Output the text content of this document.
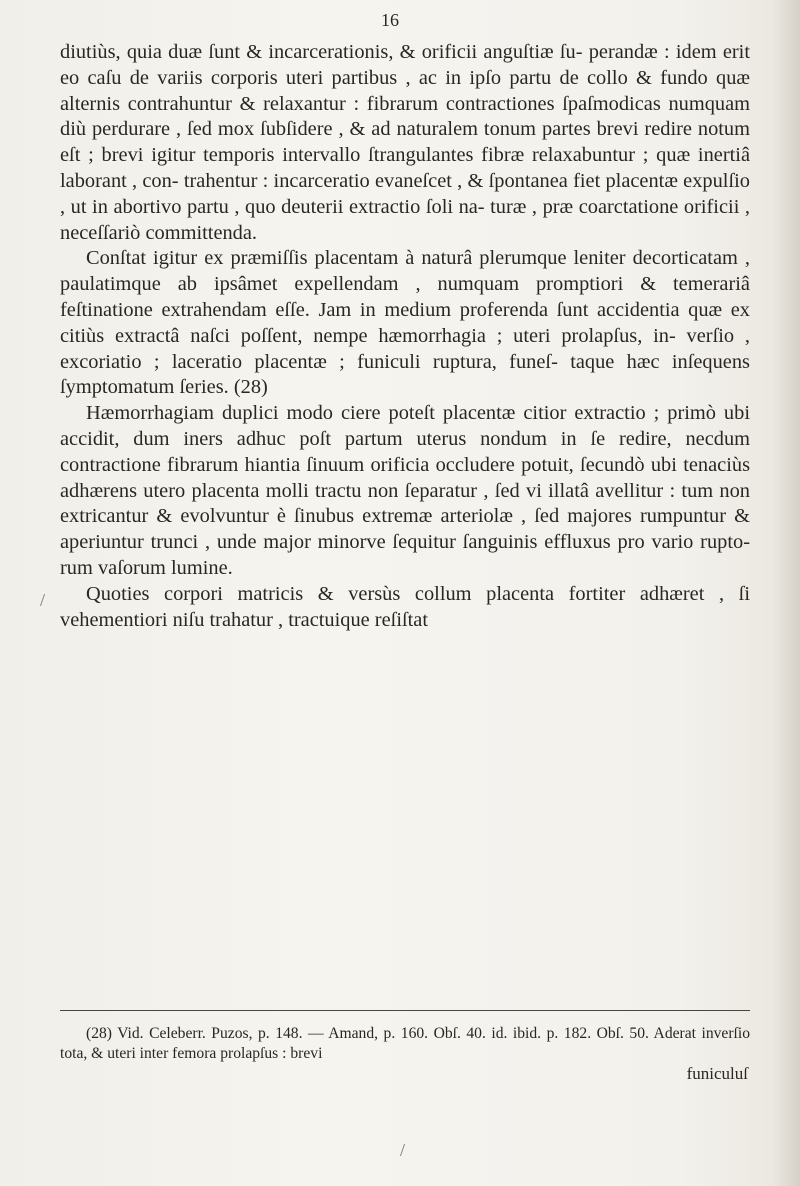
16

diutiùs, quia duæ ſunt & incarcerationis, & orificii anguſtiæ ſu- perandæ : idem erit eo caſu de variis corporis uteri partibus , ac in ipſo partu de collo & fundo quæ alternis contrahuntur & relaxantur : fibrarum contractiones ſpaſmodicas numquam diù perdurare , ſed mox ſubſidere , & ad naturalem tonum partes brevi redire notum eſt ; brevi igitur temporis intervallo ſtrangulantes fibræ relaxabuntur ; quæ inertiâ laborant , con- trahentur : incarceratio evaneſcet , & ſpontanea fiet placentæ expulſio , ut in abortivo partu , quo deuterii extractio ſoli na- turæ , præ coarctatione orificii , neceſſariò committenda.

Conſtat igitur ex præmiſſis placentam à naturâ plerumque leniter decorticatam , paulatimque ab ipsâmet expellendam , numquam promptiori & temerariâ feſtinatione extrahendam eſſe. Jam in medium proferenda ſunt accidentia quæ ex citiùs extractâ naſci poſſent, nempe hæmorrhagia ; uteri prolapſus, in- verſio , excoriatio ; laceratio placentæ ; funiculi ruptura, funeſ- taque hæc inſequens ſymptomatum ſeries. (28)

Hæmorrhagiam duplici modo ciere poteſt placentæ citior extractio ; primò ubi accidit, dum iners adhuc poſt partum uterus nondum in ſe redire, necdum contractione fibrarum hiantia ſinuum orificia occludere potuit, ſecundò ubi tenaciùs adhærens utero placenta molli tractu non ſeparatur , ſed vi illatâ avellitur : tum non extricantur & evolvuntur è ſinubus extremæ arteriolæ , ſed majores rumpuntur & aperiuntur trunci , unde major minorve ſequitur ſanguinis effluxus pro vario rupto- rum vaſorum lumine.

Quoties corpori matricis & versùs collum placenta fortiter adhæret , ſi vehementiori niſu trahatur , tractuique reſiſtat

(28) Vid. Celeberr. Puzos, p. 148. — Amand, p. 160. Obſ. 40. id. ibid. p. 182. Obſ. 50. Aderat inverſio tota, & uteri inter femora prolapſus : brevi

funiculuſ
/
/
